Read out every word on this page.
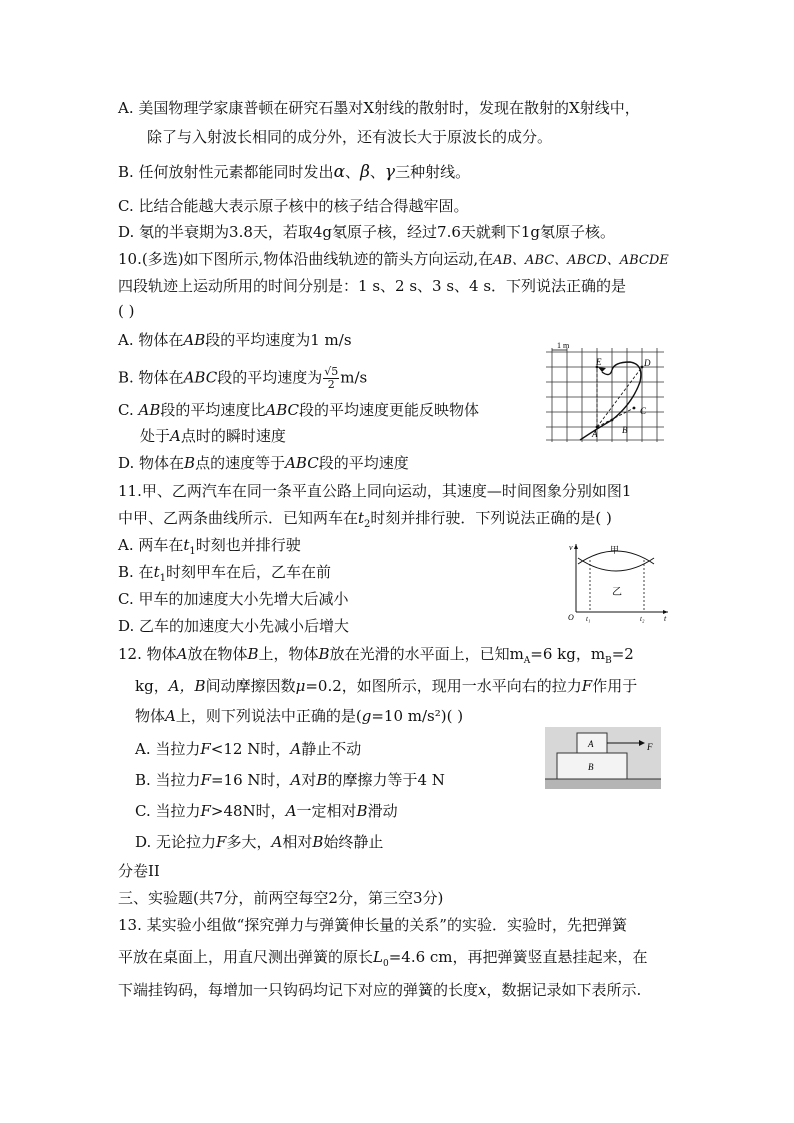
A. 美国物理学家康普顿在研究石墨对X射线的散射时，发现在散射的X射线中，
除了与入射波长相同的成分外，还有波长大于原波长的成分。
B. 任何放射性元素都能同时发出α、β、γ三种射线。
C. 比结合能越大表示原子核中的核子结合得越牢固。
D. 氡的半衰期为3.8天，若取4g氡原子核，经过7.6天就剩下1g氡原子核。
10.(多选)如下图所示,物体沿曲线轨迹的箭头方向运动,在AB、ABC、ABCD、ABCDE
四段轨迹上运动所用的时间分别是：1 s、2 s、3 s、4 s．下列说法正确的是
( )
A. 物体在AB段的平均速度为1 m/s
B. 物体在ABC段的平均速度为 $\frac{√5}{2} m/s$
C. AB段的平均速度比ABC段的平均速度更能反映物体
处于A点时的瞬时速度
D. 物体在B点的速度等于ABC段的平均速度
1 m
A	B
C
D
E
11.甲、乙两汽车在同一条平直公路上同向运动，其速度—时间图象分别如图1
中甲、乙两条曲线所示．已知两车在$t_2$时刻并排行驶．下列说法正确的是( )
A. 两车在$t_1$时刻也并排行驶
B. 在$t_1$时刻甲车在后，乙车在前
C. 甲车的加速度大小先增大后减小
D. 乙车的加速度大小先减小后增大
v	甲
乙
O t₁	t₂ t
12. 物体A放在物体B上，物体B放在光滑的水平面上，已知$m_A=6$ kg，$m_B=2$
kg，A，B间动摩擦因数μ=0.2，如图所示，现用一水平向右的拉力F作用于
物体A上，则下列说法中正确的是(g=10 m/s²)( )
A. 当拉力F<12 N时，A静止不动
B. 当拉力F=16 N时，A对B的摩擦力等于4 N
C. 当拉力F>48N时，A一定相对B滑动
D. 无论拉力F多大，A相对B始终静止
A
B
F
分卷II
三、实验题(共7分，前两空每空2分，第三空3分)
13. 某实验小组做“探究弹力与弹簧伸长量的关系”的实验．实验时，先把弹簧
平放在桌面上，用直尺测出弹簧的原长$L_0=4.6$ cm，再把弹簧竖直悬挂起来，在
下端挂钩码，每增加一只钩码均记下对应的弹簧的长度x，数据记录如下表所示.
